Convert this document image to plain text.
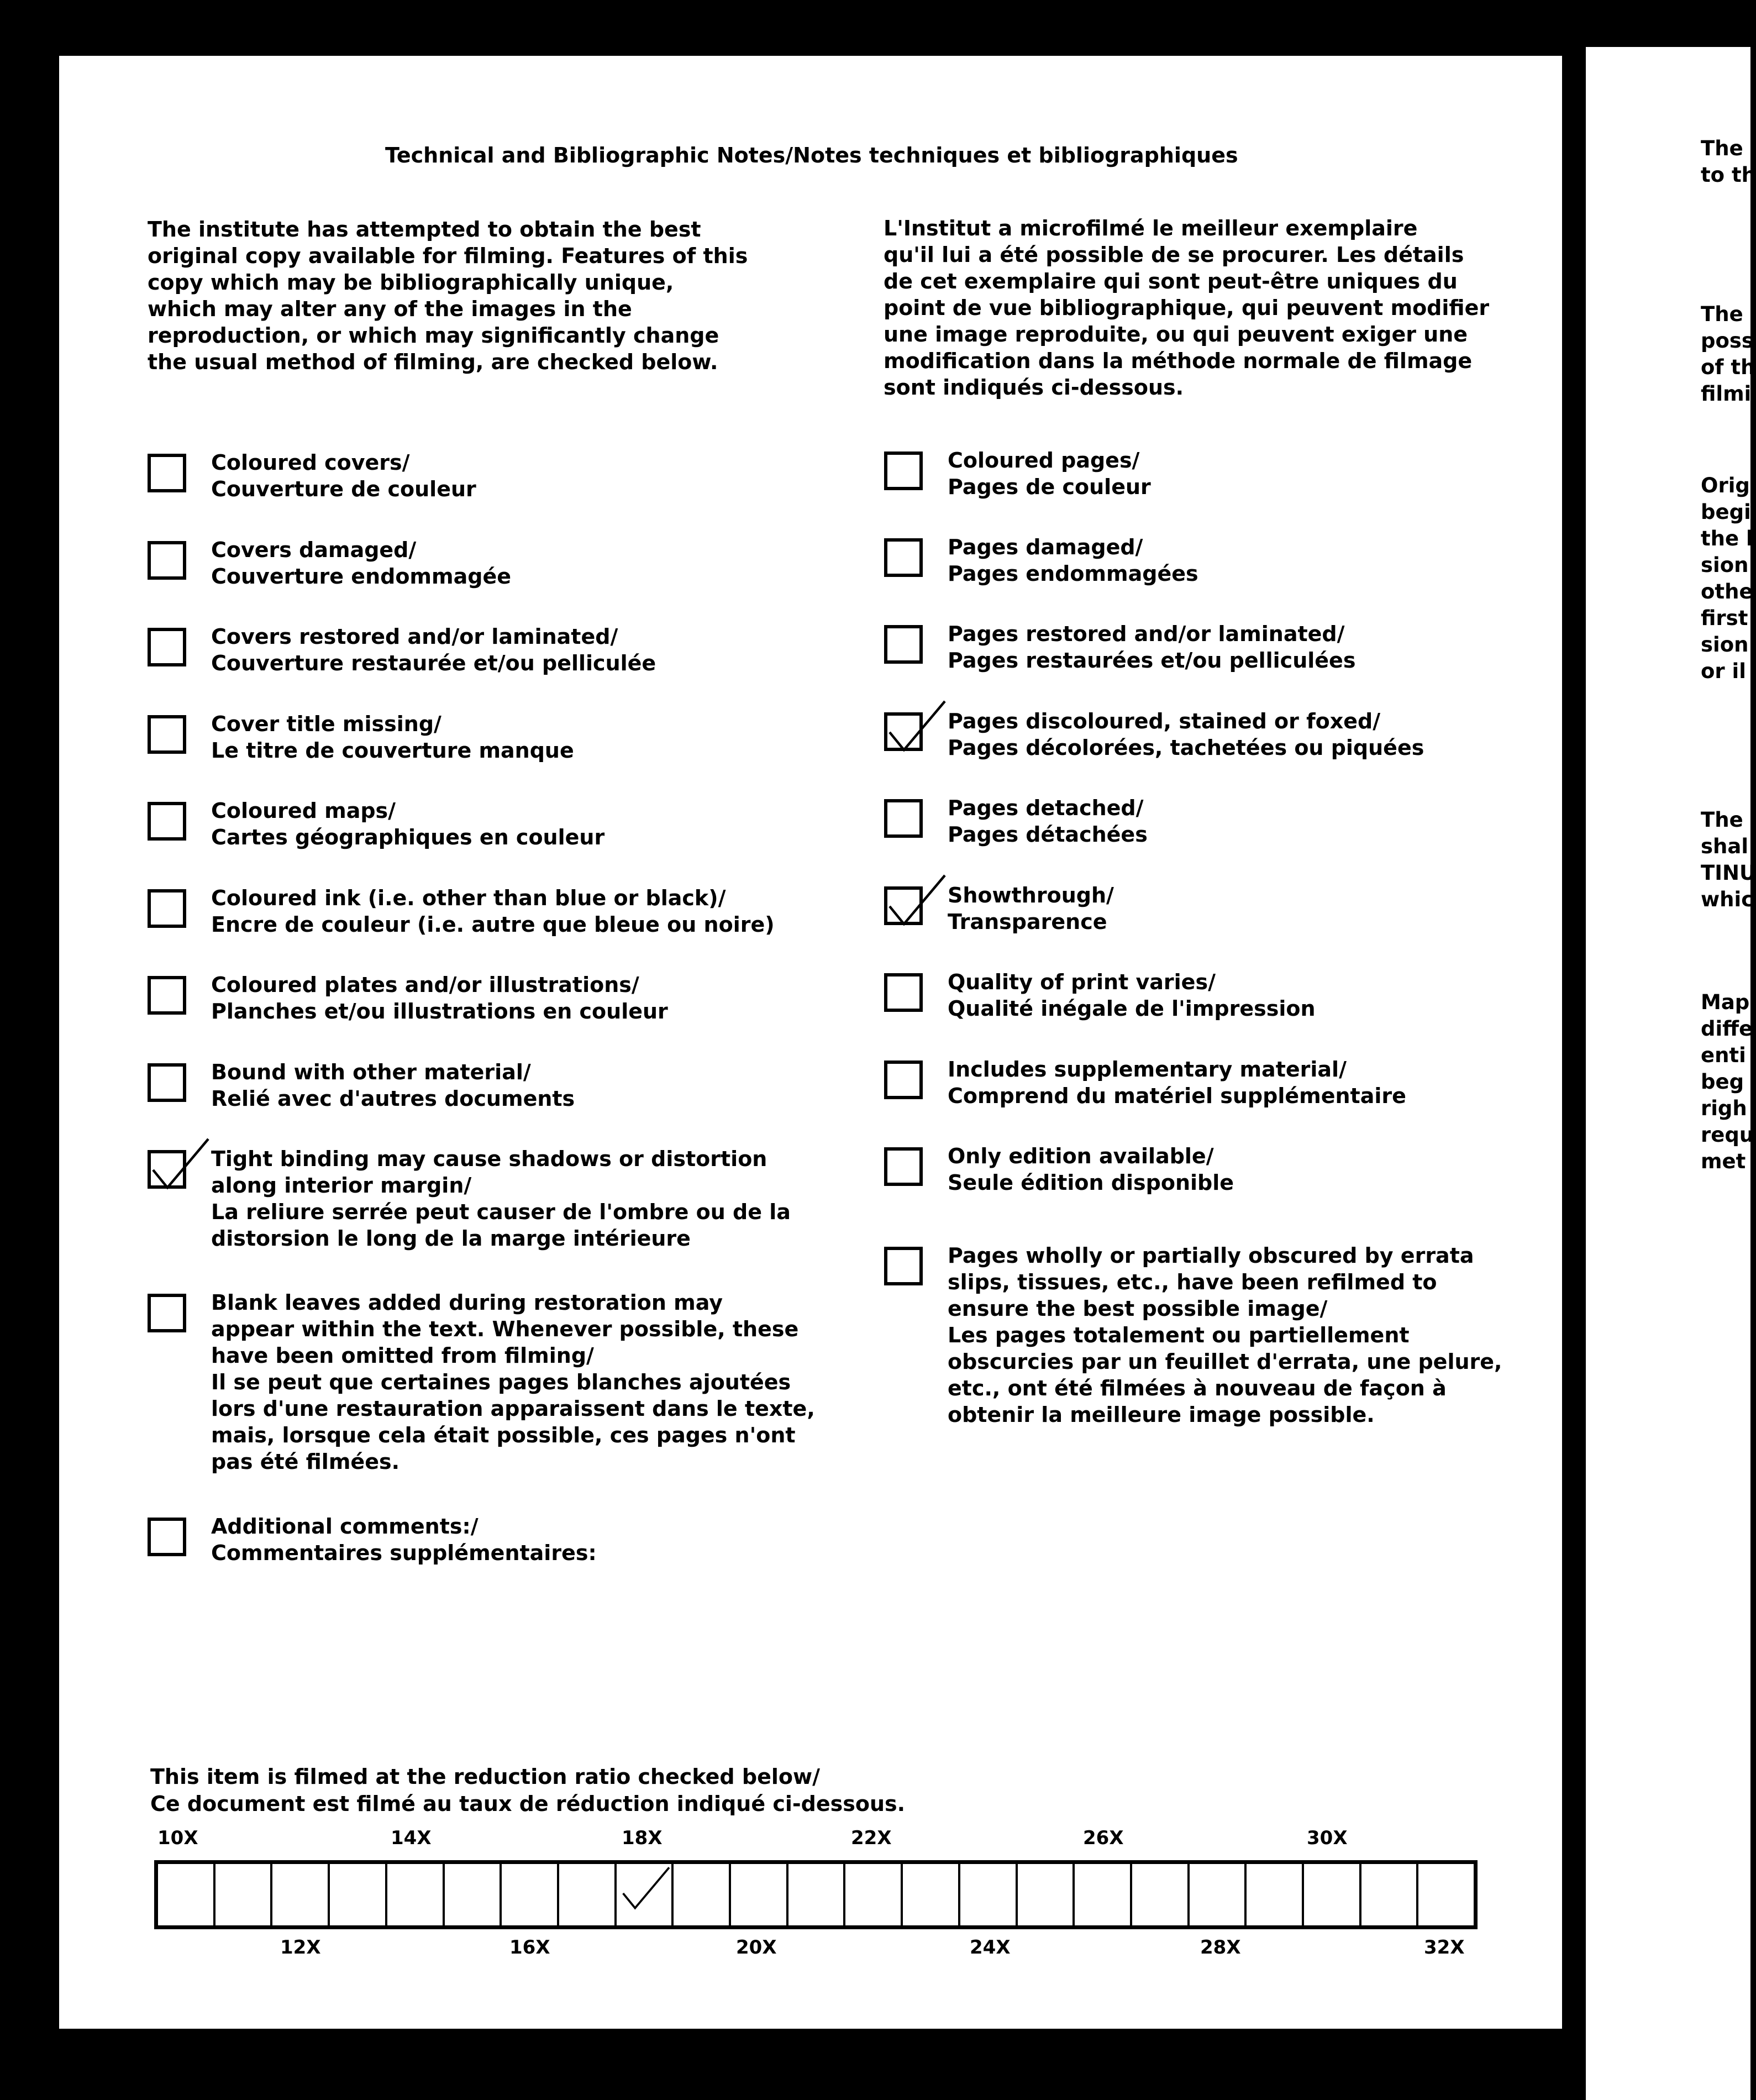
Technical and Bibliographic Notes/Notes techniques et bibliographiques
The institute has attempted to obtain the best
original copy available for filming. Features of this
copy which may be bibliographically unique,
which may alter any of the images in the
reproduction, or which may significantly change
the usual method of filming, are checked below.
L'Institut a microfilmé le meilleur exemplaire
qu'il lui a été possible de se procurer. Les détails
de cet exemplaire qui sont peut-être uniques du
point de vue bibliographique, qui peuvent modifier
une image reproduite, ou qui peuvent exiger une
modification dans la méthode normale de filmage
sont indiqués ci-dessous.
Coloured covers/
Couverture de couleur
Covers damaged/
Couverture endommagée
Covers restored and/or laminated/
Couverture restaurée et/ou pelliculée
Cover title missing/
Le titre de couverture manque
Coloured maps/
Cartes géographiques en couleur
Coloured ink (i.e. other than blue or black)/
Encre de couleur (i.e. autre que bleue ou noire)
Coloured plates and/or illustrations/
Planches et/ou illustrations en couleur
Bound with other material/
Relié avec d'autres documents
Tight binding may cause shadows or distortion
along interior margin/
La reliure serrée peut causer de l'ombre ou de la
distorsion le long de la marge intérieure
Blank leaves added during restoration may
appear within the text. Whenever possible, these
have been omitted from filming/
Il se peut que certaines pages blanches ajoutées
lors d'une restauration apparaissent dans le texte,
mais, lorsque cela était possible, ces pages n'ont
pas été filmées.
Additional comments:/
Commentaires supplémentaires:
Coloured pages/
Pages de couleur
Pages damaged/
Pages endommagées
Pages restored and/or laminated/
Pages restaurées et/ou pelliculées
Pages discoloured, stained or foxed/
Pages décolorées, tachetées ou piquées
Pages detached/
Pages détachées
Showthrough/
Transparence
Quality of print varies/
Qualité inégale de l'impression
Includes supplementary material/
Comprend du matériel supplémentaire
Only edition available/
Seule édition disponible
Pages wholly or partially obscured by errata
slips, tissues, etc., have been refilmed to
ensure the best possible image/
Les pages totalement ou partiellement
obscurcies par un feuillet d'errata, une pelure,
etc., ont été filmées à nouveau de façon à
obtenir la meilleure image possible.
This item is filmed at the reduction ratio checked below/
Ce document est filmé au taux de réduction indiqué ci-dessous.
10X	14X	18X	22X	26X	30X
12X	16X	20X	24X	28X	32X
The
to th
The
poss
of th
filmi
Orig
begi
the l
sion
othe
first
sion
or il
The
shal
TINU
whic
Map
diffe
enti
beg
righ
requ
met
